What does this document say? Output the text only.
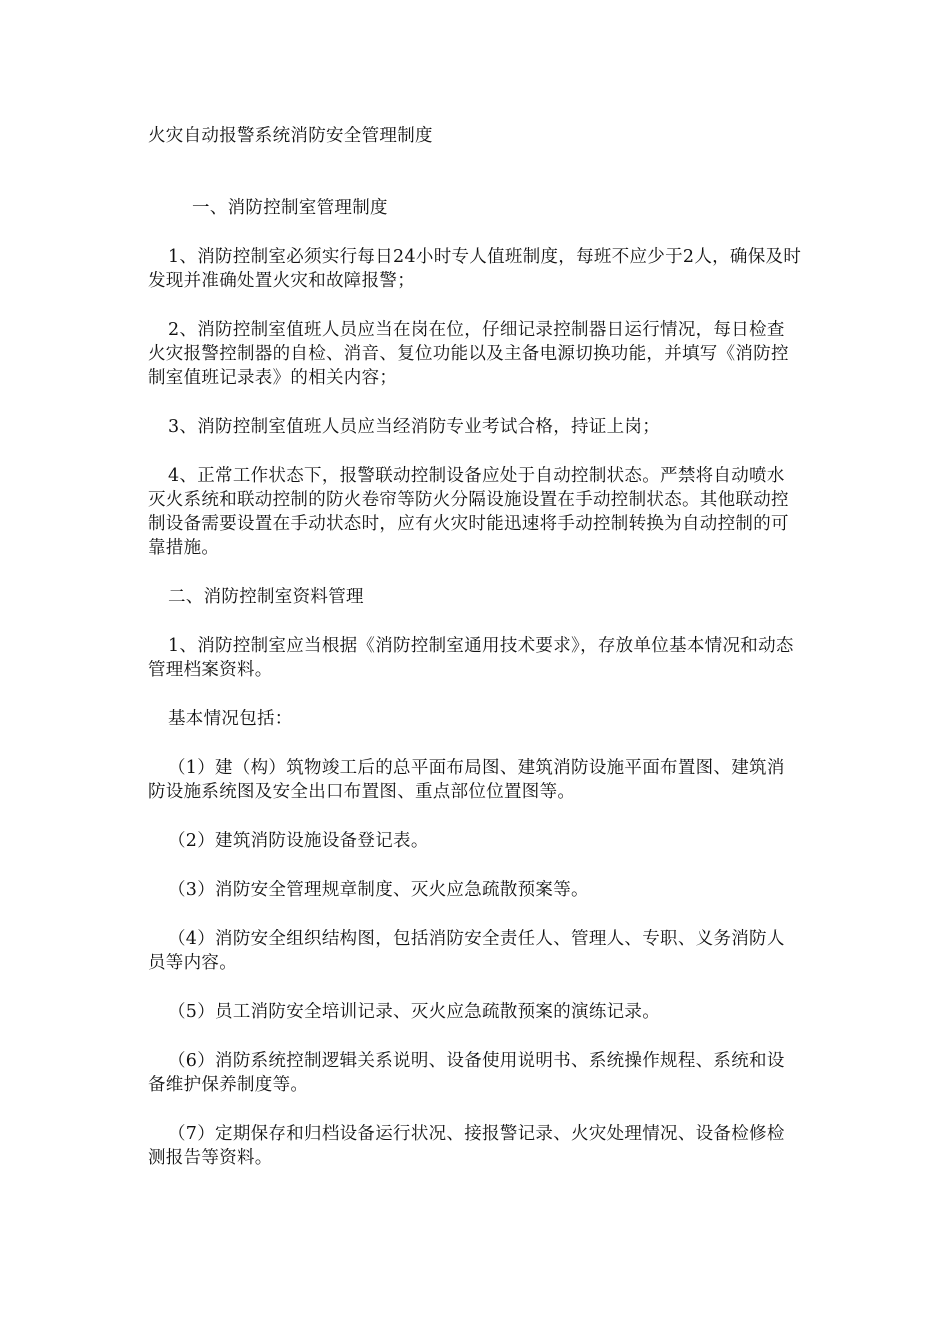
火灾自动报警系统消防安全管理制度

一、消防控制室管理制度

1、消防控制室必须实行每日24小时专人值班制度，每班不应少于2人，确保及时发现并准确处置火灾和故障报警；

2、消防控制室值班人员应当在岗在位，仔细记录控制器日运行情况，每日检查火灾报警控制器的自检、消音、复位功能以及主备电源切换功能，并填写《消防控制室值班记录表》的相关内容；

3、消防控制室值班人员应当经消防专业考试合格，持证上岗；

4、正常工作状态下，报警联动控制设备应处于自动控制状态。严禁将自动喷水灭火系统和联动控制的防火卷帘等防火分隔设施设置在手动控制状态。其他联动控制设备需要设置在手动状态时，应有火灾时能迅速将手动控制转换为自动控制的可靠措施。

二、消防控制室资料管理

1、消防控制室应当根据《消防控制室通用技术要求》，存放单位基本情况和动态管理档案资料。

基本情况包括：

（1）建（构）筑物竣工后的总平面布局图、建筑消防设施平面布置图、建筑消防设施系统图及安全出口布置图、重点部位位置图等。

（2）建筑消防设施设备登记表。

（3）消防安全管理规章制度、灭火应急疏散预案等。

（4）消防安全组织结构图，包括消防安全责任人、管理人、专职、义务消防人员等内容。

（5）员工消防安全培训记录、灭火应急疏散预案的演练记录。

（6）消防系统控制逻辑关系说明、设备使用说明书、系统操作规程、系统和设备维护保养制度等。

（7）定期保存和归档设备运行状况、接报警记录、火灾处理情况、设备检修检测报告等资料。
